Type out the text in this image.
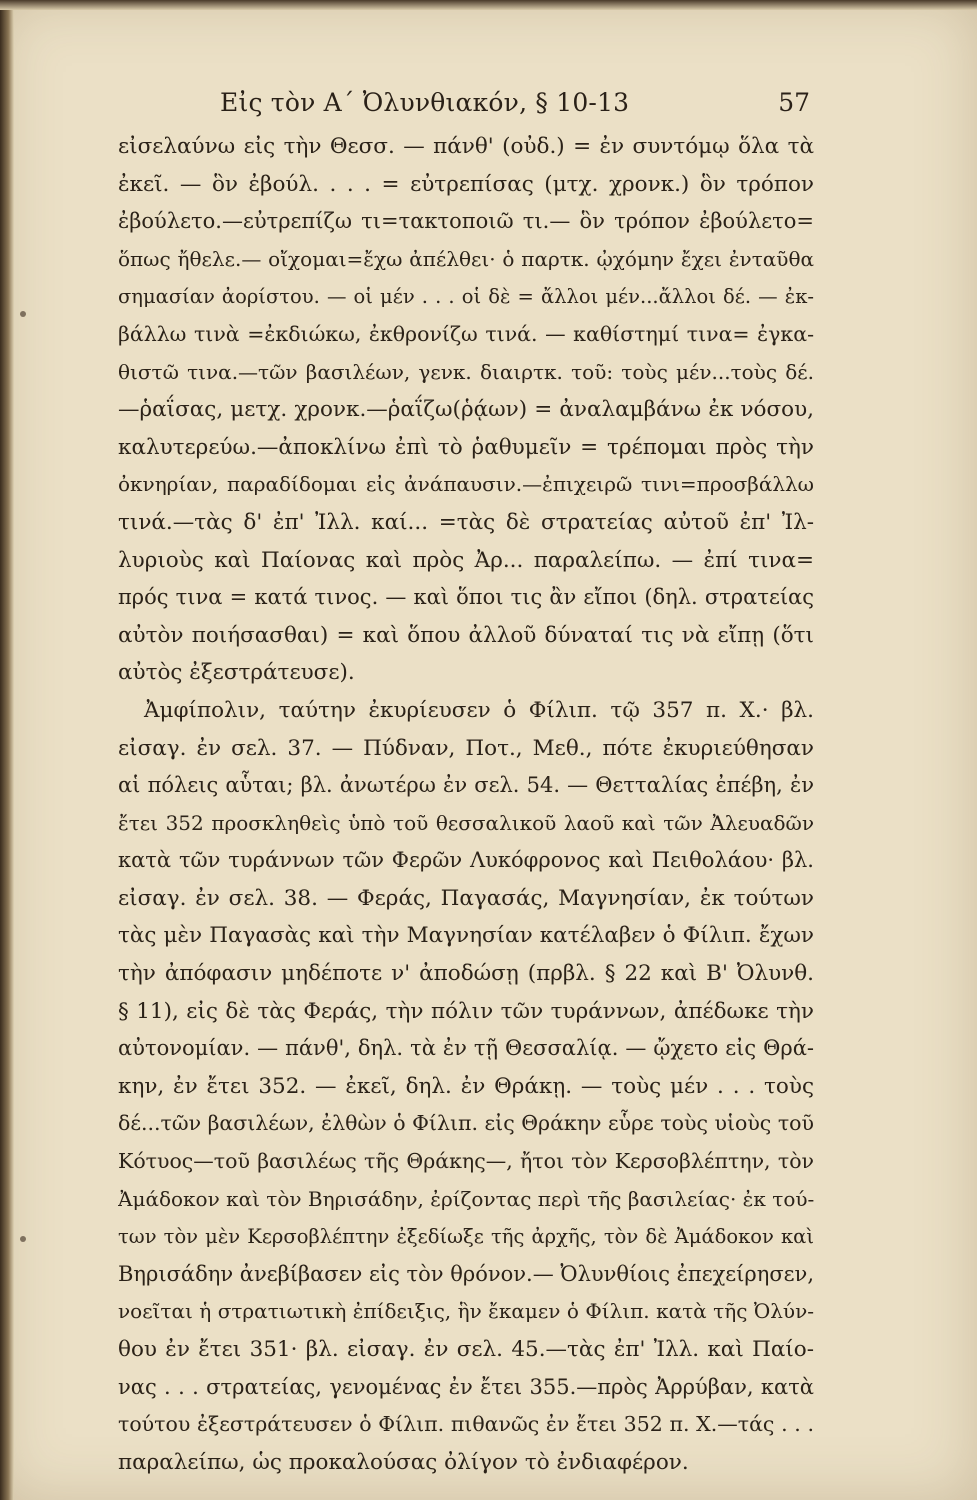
Εἰς τὸν Α΄ Ὀλυνθιακόν, § 10-13	57
εἰσελαύνω εἰς τὴν Θεσσ. — πάνθ' (οὐδ.) = ἐν συντόμῳ ὅλα τὰ
ἐκεῖ. — ὃν ἐβούλ. . . . = εὐτρεπίσας (μτχ. χρονκ.) ὃν τρόπον
ἐβούλετο.—εὐτρεπίζω τι=τακτοποιῶ τι.— ὃν τρόπον ἐβούλετο=
ὅπως ἤθελε.— οἴχομαι=ἔχω ἀπέλθει· ὁ παρτκ. ᾠχόμην ἔχει ἐνταῦθα
σημασίαν ἀορίστου. — οἱ μέν . . . οἱ δὲ = ἄλλοι μέν...ἄλλοι δέ. — ἐκ-
βάλλω τινὰ =ἐκδιώκω, ἐκθρονίζω τινά. — καθίστημί τινα= ἐγκα-
θιστῶ τινα.—τῶν βασιλέων, γενκ. διαιρτκ. τοῦ: τοὺς μέν...τοὺς δέ.
—ῥαΐσας, μετχ. χρονκ.—ῥαΐζω(ῥᾴων) = ἀναλαμβάνω ἐκ νόσου,
καλυτερεύω.—ἀποκλίνω ἐπὶ τὸ ῥαθυμεῖν = τρέπομαι πρὸς τὴν
ὀκνηρίαν, παραδίδομαι εἰς ἀνάπαυσιν.—ἐπιχειρῶ τινι=προσβάλλω
τινά.—τὰς δ' ἐπ' Ἰλλ. καί... =τὰς δὲ στρατείας αὐτοῦ ἐπ' Ἰλ-
λυριοὺς καὶ Παίονας καὶ πρὸς Ἀρ... παραλείπω. — ἐπί τινα=
πρός τινα = κατά τινος. — καὶ ὅποι τις ἂν εἴποι (δηλ. στρατείας
αὐτὸν ποιήσασθαι) = καὶ ὅπου ἀλλοῦ δύναταί τις νὰ εἴπῃ (ὅτι
αὐτὸς ἐξεστράτευσε).
Ἀμφίπολιν, ταύτην ἐκυρίευσεν ὁ Φίλιπ. τῷ 357 π. Χ.· βλ.
εἰσαγ. ἐν σελ. 37. — Πύδναν, Ποτ., Μεθ., πότε ἐκυριεύθησαν
αἱ πόλεις αὗται; βλ. ἀνωτέρω ἐν σελ. 54. — Θετταλίας ἐπέβη, ἐν
ἔτει 352 προσκληθεὶς ὑπὸ τοῦ θεσσαλικοῦ λαοῦ καὶ τῶν Ἀλευαδῶν
κατὰ τῶν τυράννων τῶν Φερῶν Λυκόφρονος καὶ Πειθολάου· βλ.
εἰσαγ. ἐν σελ. 38. — Φεράς, Παγασάς, Μαγνησίαν, ἐκ τούτων
τὰς μὲν Παγασὰς καὶ τὴν Μαγνησίαν κατέλαβεν ὁ Φίλιπ. ἔχων
τὴν ἀπόφασιν μηδέποτε ν' ἀποδώσῃ (πρβλ. § 22 καὶ Β' Ὀλυνθ.
§ 11), εἰς δὲ τὰς Φεράς, τὴν πόλιν τῶν τυράννων, ἀπέδωκε τὴν
αὐτονομίαν. — πάνθ', δηλ. τὰ ἐν τῇ Θεσσαλίᾳ. — ᾤχετο εἰς Θρά-
κην, ἐν ἔτει 352. — ἐκεῖ, δηλ. ἐν Θράκῃ. — τοὺς μέν . . . τοὺς
δέ...τῶν βασιλέων, ἐλθὼν ὁ Φίλιπ. εἰς Θράκην εὗρε τοὺς υἱοὺς τοῦ
Κότυος—τοῦ βασιλέως τῆς Θράκης—, ἤτοι τὸν Κερσοβλέπτην, τὸν
Ἀμάδοκον καὶ τὸν Βηρισάδην, ἐρίζοντας περὶ τῆς βασιλείας· ἐκ τού-
των τὸν μὲν Κερσοβλέπτην ἐξεδίωξε τῆς ἀρχῆς, τὸν δὲ Ἀμάδοκον καὶ
Βηρισάδην ἀνεβίβασεν εἰς τὸν θρόνον.— Ὀλυνθίοις ἐπεχείρησεν,
νοεῖται ἡ στρατιωτικὴ ἐπίδειξις, ἣν ἔκαμεν ὁ Φίλιπ. κατὰ τῆς Ὀλύν-
θου ἐν ἔτει 351· βλ. εἰσαγ. ἐν σελ. 45.—τὰς ἐπ' Ἰλλ. καὶ Παίο-
νας . . . στρατείας, γενομένας ἐν ἔτει 355.—πρὸς Ἀρρύβαν, κατὰ
τούτου ἐξεστράτευσεν ὁ Φίλιπ. πιθανῶς ἐν ἔτει 352 π. Χ.—τάς . . .
παραλείπω, ὡς προκαλούσας ὀλίγον τὸ ἐνδιαφέρον.
